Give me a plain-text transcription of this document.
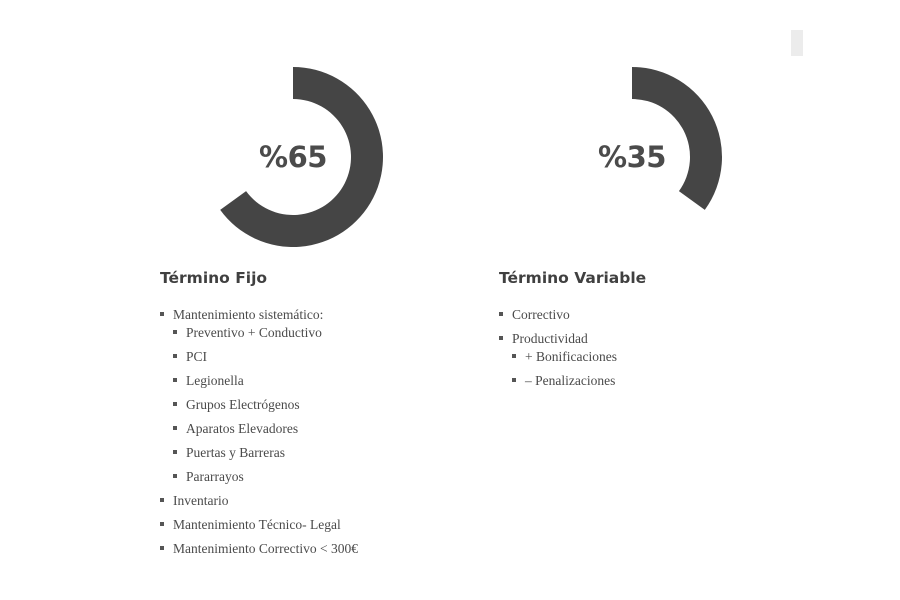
%65	%35
Término Fijo
Mantenimiento sistemático:
Preventivo + Conductivo
PCI
Legionella
Grupos Electrógenos
Aparatos Elevadores
Puertas y Barreras
Pararrayos
Inventario
Mantenimiento Técnico- Legal
Mantenimiento Correctivo < 300€
Término Variable
Correctivo
Productividad
+ Bonificaciones
– Penalizaciones
